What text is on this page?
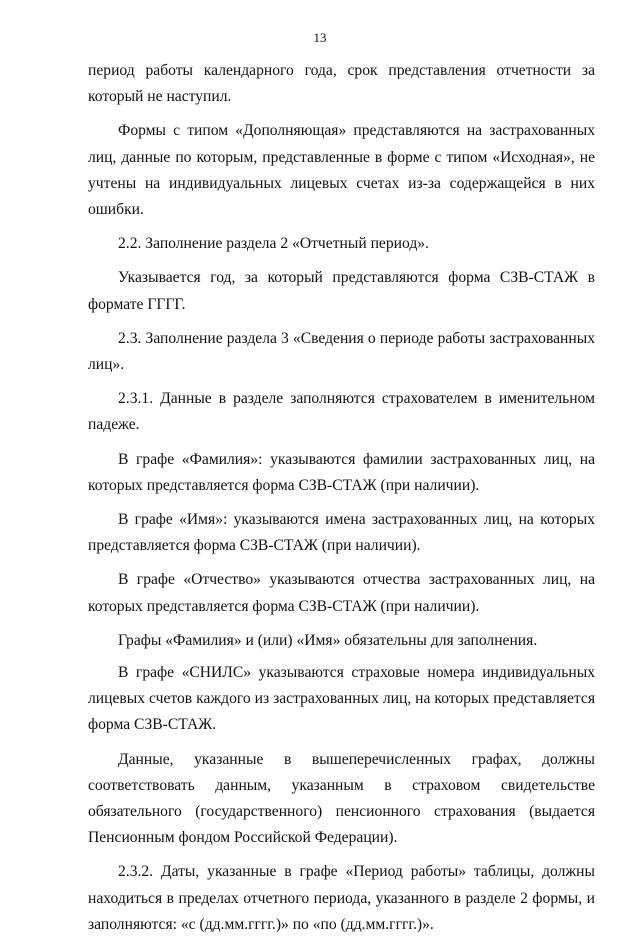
13

период работы календарного года, срок представления отчетности за который не наступил.

Формы с типом «Дополняющая» представляются на застрахованных лиц, данные по которым, представленные в форме с типом «Исходная», не учтены на индивидуальных лицевых счетах из-за содержащейся в них ошибки.

2.2. Заполнение раздела 2 «Отчетный период».

Указывается год, за который представляются форма СЗВ-СТАЖ в формате ГГГГ.

2.3. Заполнение раздела 3 «Сведения о периоде работы застрахованных лиц».

2.3.1. Данные в разделе заполняются страхователем в именительном падеже.

В графе «Фамилия»: указываются фамилии застрахованных лиц, на которых представляется форма СЗВ-СТАЖ (при наличии).

В графе «Имя»: указываются имена застрахованных лиц, на которых представляется форма СЗВ-СТАЖ (при наличии).

В графе «Отчество» указываются отчества застрахованных лиц, на которых представляется форма СЗВ-СТАЖ (при наличии).

Графы «Фамилия» и (или) «Имя» обязательны для заполнения.

В графе «СНИЛС» указываются страховые номера индивидуальных лицевых счетов каждого из застрахованных лиц, на которых представляется форма СЗВ-СТАЖ.

Данные, указанные в вышеперечисленных графах, должны соответствовать данным, указанным в страховом свидетельстве обязательного (государственного) пенсионного страхования (выдается Пенсионным фондом Российской Федерации).

2.3.2. Даты, указанные в графе «Период работы» таблицы, должны находиться в пределах отчетного периода, указанного в разделе 2 формы, и заполняются: «с (дд.мм.гггг.)» по «по (дд.мм.гггг.)».
